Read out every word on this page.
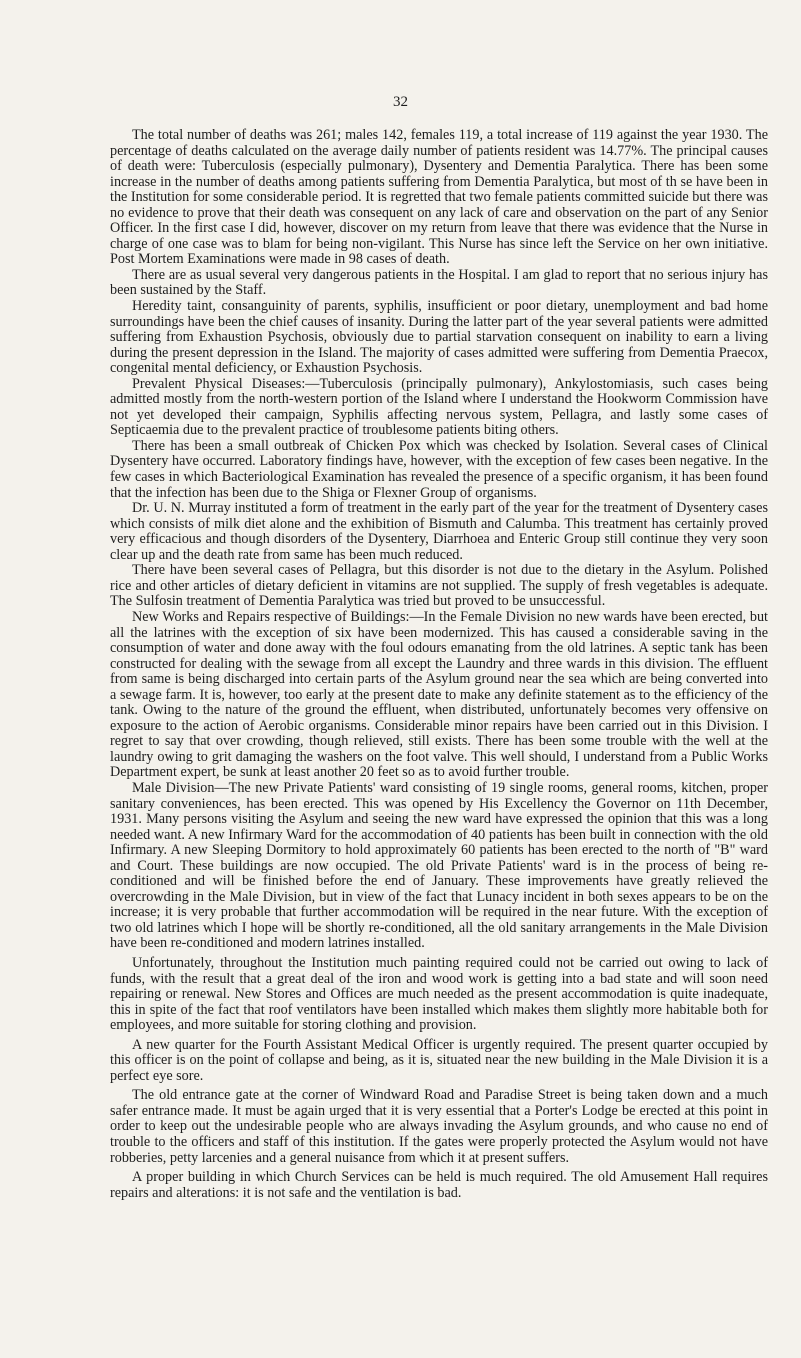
32

The total number of deaths was 261; males 142, females 119, a total increase of 119 against the year 1930. The percentage of deaths calculated on the average daily number of patients resident was 14.77%. The principal causes of death were: Tuberculosis (especially pulmonary), Dysentery and Dementia Paralytica. There has been some increase in the number of deaths among patients suffering from Dementia Paralytica, but most of th se have been in the Institution for some considerable period. It is regretted that two female patients committed suicide but there was no evidence to prove that their death was consequent on any lack of care and observation on the part of any Senior Officer. In the first case I did, however, discover on my return from leave that there was evidence that the Nurse in charge of one case was to blam for being non-vigilant. This Nurse has since left the Service on her own initiative. Post Mortem Examinations were made in 98 cases of death.

There are as usual several very dangerous patients in the Hospital. I am glad to report that no serious injury has been sustained by the Staff.

Heredity taint, consanguinity of parents, syphilis, insufficient or poor dietary, unemployment and bad home surroundings have been the chief causes of insanity. During the latter part of the year several patients were admitted suffering from Exhaustion Psychosis, obviously due to partial starvation consequent on inability to earn a living during the present depression in the Island. The majority of cases admitted were suffering from Dementia Praecox, congenital mental deficiency, or Exhaustion Psychosis.

Prevalent Physical Diseases:—Tuberculosis (principally pulmonary), Ankylostomiasis, such cases being admitted mostly from the north-western portion of the Island where I understand the Hookworm Commission have not yet developed their campaign, Syphilis affecting nervous system, Pellagra, and lastly some cases of Septicaemia due to the prevalent practice of troublesome patients biting others.

There has been a small outbreak of Chicken Pox which was checked by Isolation. Several cases of Clinical Dysentery have occurred. Laboratory findings have, however, with the exception of few cases been negative. In the few cases in which Bacteriological Examination has revealed the presence of a specific organism, it has been found that the infection has been due to the Shiga or Flexner Group of organisms.

Dr. U. N. Murray instituted a form of treatment in the early part of the year for the treatment of Dysentery cases which consists of milk diet alone and the exhibition of Bismuth and Calumba. This treatment has certainly proved very efficacious and though disorders of the Dysentery, Diarrhoea and Enteric Group still continue they very soon clear up and the death rate from same has been much reduced.

There have been several cases of Pellagra, but this disorder is not due to the dietary in the Asylum. Polished rice and other articles of dietary deficient in vitamins are not supplied. The supply of fresh vegetables is adequate. The Sulfosin treatment of Dementia Paralytica was tried but proved to be unsuccessful.

New Works and Repairs respective of Buildings:—In the Female Division no new wards have been erected, but all the latrines with the exception of six have been modernized. This has caused a considerable saving in the consumption of water and done away with the foul odours emanating from the old latrines. A septic tank has been constructed for dealing with the sewage from all except the Laundry and three wards in this division. The effluent from same is being discharged into certain parts of the Asylum ground near the sea which are being converted into a sewage farm. It is, however, too early at the present date to make any definite statement as to the efficiency of the tank. Owing to the nature of the ground the effluent, when distributed, unfortunately becomes very offensive on exposure to the action of Aerobic organisms. Considerable minor repairs have been carried out in this Division. I regret to say that over crowding, though relieved, still exists. There has been some trouble with the well at the laundry owing to grit damaging the washers on the foot valve. This well should, I understand from a Public Works Department expert, be sunk at least another 20 feet so as to avoid further trouble.

Male Division—The new Private Patients' ward consisting of 19 single rooms, general rooms, kitchen, proper sanitary conveniences, has been erected. This was opened by His Excellency the Governor on 11th December, 1931. Many persons visiting the Asylum and seeing the new ward have expressed the opinion that this was a long needed want. A new Infirmary Ward for the accommodation of 40 patients has been built in connection with the old Infirmary. A new Sleeping Dormitory to hold approximately 60 patients has been erected to the north of "B" ward and Court. These buildings are now occupied. The old Private Patients' ward is in the process of being re-conditioned and will be finished before the end of January. These improvements have greatly relieved the overcrowding in the Male Division, but in view of the fact that Lunacy incident in both sexes appears to be on the increase; it is very probable that further accommodation will be required in the near future. With the exception of two old latrines which I hope will be shortly re-conditioned, all the old sanitary arrangements in the Male Division have been re-conditioned and modern latrines installed.

Unfortunately, throughout the Institution much painting required could not be carried out owing to lack of funds, with the result that a great deal of the iron and wood work is getting into a bad state and will soon need repairing or renewal. New Stores and Offices are much needed as the present accommodation is quite inadequate, this in spite of the fact that roof ventilators have been installed which makes them slightly more habitable both for employees, and more suitable for storing clothing and provision.

A new quarter for the Fourth Assistant Medical Officer is urgently required. The present quarter occupied by this officer is on the point of collapse and being, as it is, situated near the new building in the Male Division it is a perfect eye sore.

The old entrance gate at the corner of Windward Road and Paradise Street is being taken down and a much safer entrance made. It must be again urged that it is very essential that a Porter's Lodge be erected at this point in order to keep out the undesirable people who are always invading the Asylum grounds, and who cause no end of trouble to the officers and staff of this institution. If the gates were properly protected the Asylum would not have robberies, petty larcenies and a general nuisance from which it at present suffers.

A proper building in which Church Services can be held is much required. The old Amusement Hall requires repairs and alterations: it is not safe and the ventilation is bad.
